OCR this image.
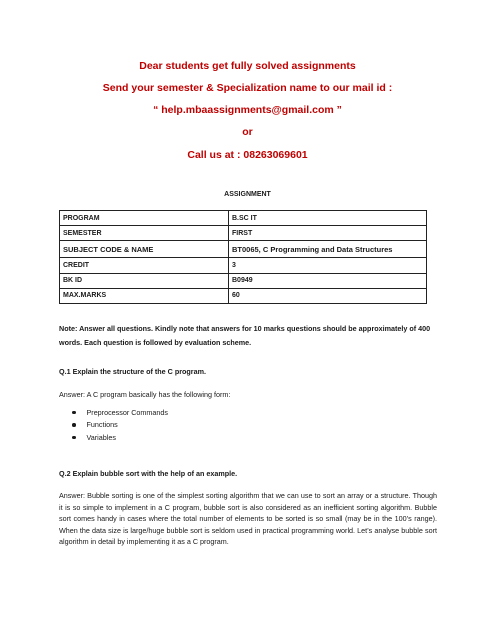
Dear students get fully solved assignments
Send your semester & Specialization name to our mail id :
“ help.mbaassignments@gmail.com ”
or
Call us at : 08263069601
ASSIGNMENT
PROGRAM	B.SC IT
SEMESTER	FIRST
SUBJECT CODE & NAME	BT0065, C Programming and Data Structures
CREDIT	3
BK ID	B0949
MAX.MARKS	60
Note: Answer all questions. Kindly note that answers for 10 marks questions should be approximately of 400 words. Each question is followed by evaluation scheme.
Q.1 Explain the structure of the C program.
Answer: A C program basically has the following form:
Preprocessor Commands
Functions
Variables
Q.2 Explain bubble sort with the help of an example.
Answer: Bubble sorting is one of the simplest sorting algorithm that we can use to sort an array or a structure. Though it is so simple to implement in a C program, bubble sort is also considered as an inefficient sorting algorithm. Bubble sort comes handy in cases where the total number of elements to be sorted is so small (may be in the 100’s range). When the data size is large/huge bubble sort is seldom used in practical programming world. Let’s analyse bubble sort algorithm in detail by implementing it as a C program.
